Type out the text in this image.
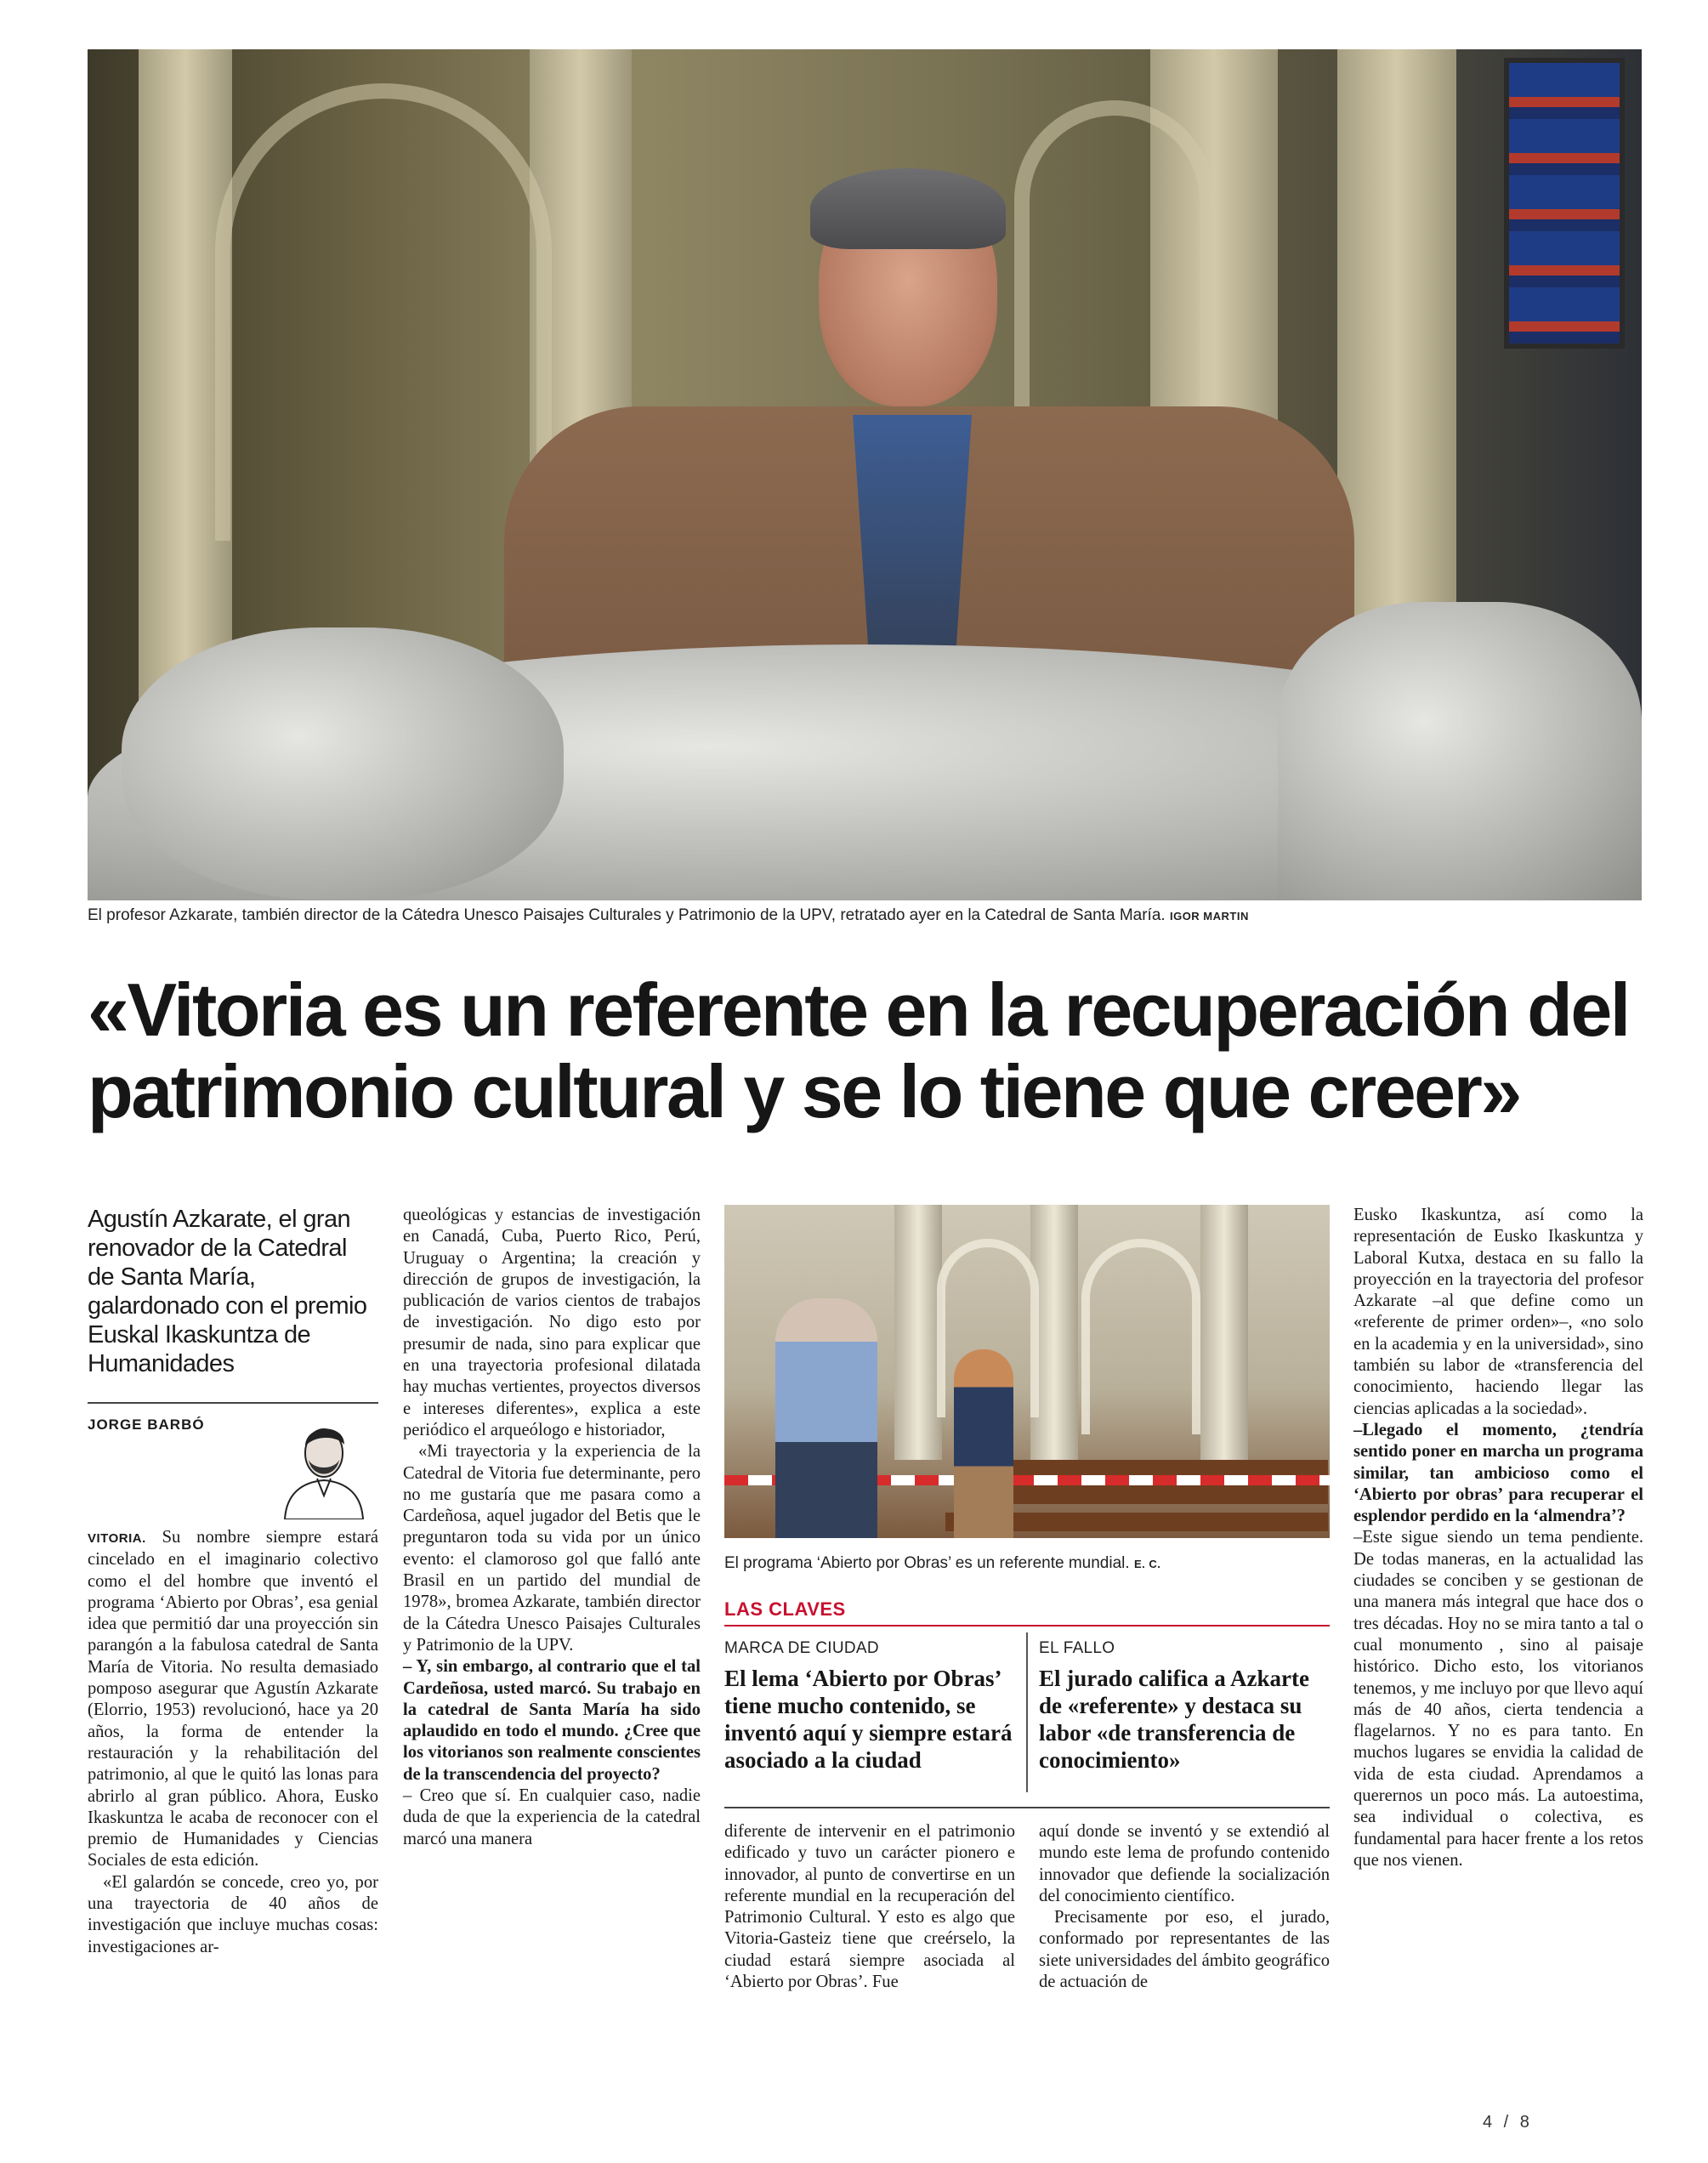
El profesor Azkarate, también director de la Cátedra Unesco Paisajes Culturales y Patrimonio de la UPV, retratado ayer en la Catedral de Santa María. IGOR MARTIN
«Vitoria es un referente en la recuperación del patrimonio cultural y se lo tiene que creer»

Agustín Azkarate, el gran renovador de la Catedral de Santa María, galardonado con el premio Euskal Ikaskuntza de Humanidades

JORGE BARBÓ

VITORIA. Su nombre siempre estará cincelado en el imaginario colectivo como el del hombre que inventó el programa ‘Abierto por Obras’, esa genial idea que permitió dar una proyección sin parangón a la fabulosa catedral de Santa María de Vitoria. No resulta demasiado pomposo asegurar que Agustín Azkarate (Elorrio, 1953) revolucionó, hace ya 20 años, la forma de entender la restauración y la rehabilitación del patrimonio, al que le quitó las lonas para abrirlo al gran público. Ahora, Eusko Ikaskuntza le acaba de reconocer con el premio de Humanidades y Ciencias Sociales de esta edición.

«El galardón se concede, creo yo, por una trayectoria de 40 años de investigación que incluye muchas cosas: investigaciones ar-

queológicas y estancias de investigación en Canadá, Cuba, Puerto Rico, Perú, Uruguay o Argentina; la creación y dirección de grupos de investigación, la publicación de varios cientos de trabajos de investigación. No digo esto por presumir de nada, sino para explicar que en una trayectoria profesional dilatada hay muchas vertientes, proyectos diversos e intereses diferentes», explica a este periódico el arqueólogo e historiador,

«Mi trayectoria y la experiencia de la Catedral de Vitoria fue determinante, pero no me gustaría que me pasara como a Cardeñosa, aquel jugador del Betis que le preguntaron toda su vida por un único evento: el clamoroso gol que falló ante Brasil en un partido del mundial de 1978», bromea Azkarate, también director de la Cátedra Unesco Paisajes Culturales y Patrimonio de la UPV.

– Y, sin embargo, al contrario que el tal Cardeñosa, usted marcó. Su trabajo en la catedral de Santa María ha sido aplaudido en todo el mundo. ¿Cree que los vitorianos son realmente conscientes de la transcendencia del proyecto?

– Creo que sí. En cualquier caso, nadie duda de que la experiencia de la catedral marcó una manera

El programa ‘Abierto por Obras’ es un referente mundial. E. C.
LAS CLAVES
MARCA DE CIUDAD

El lema ‘Abierto por Obras’ tiene mucho contenido, se inventó aquí y siempre estará asociado a la ciudad

EL FALLO

El jurado califica a Azkarte de «referente» y destaca su labor «de transferencia de conocimiento»

diferente de intervenir en el patrimonio edificado y tuvo un carácter pionero e innovador, al punto de convertirse en un referente mundial en la recuperación del Patrimonio Cultural. Y esto es algo que Vitoria-Gasteiz tiene que creérselo, la ciudad estará siempre asociada al ‘Abierto por Obras’. Fue

aquí donde se inventó y se extendió al mundo este lema de profundo contenido innovador que defiende la socialización del conocimiento científico.

Precisamente por eso, el jurado, conformado por representantes de las siete universidades del ámbito geográfico de actuación de

Eusko Ikaskuntza, así como la representación de Eusko Ikaskuntza y Laboral Kutxa, destaca en su fallo la proyección en la trayectoria del profesor Azkarate –al que define como un «referente de primer orden»–, «no solo en la academia y en la universidad», sino también su labor de «transferencia del conocimiento, haciendo llegar las ciencias aplicadas a la sociedad».

–Llegado el momento, ¿tendría sentido poner en marcha un programa similar, tan ambicioso como el ‘Abierto por obras’ para recuperar el esplendor perdido en la ‘almendra’?

–Este sigue siendo un tema pendiente. De todas maneras, en la actualidad las ciudades se conciben y se gestionan de una manera más integral que hace dos o tres décadas. Hoy no se mira tanto a tal o cual monumento , sino al paisaje histórico. Dicho esto, los vitorianos tenemos, y me incluyo por que llevo aquí más de 40 años, cierta tendencia a flagelarnos. Y no es para tanto. En muchos lugares se envidia la calidad de vida de esta ciudad. Aprendamos a querernos un poco más. La autoestima, sea individual o colectiva, es fundamental para hacer frente a los retos que nos vienen.

4 / 8
